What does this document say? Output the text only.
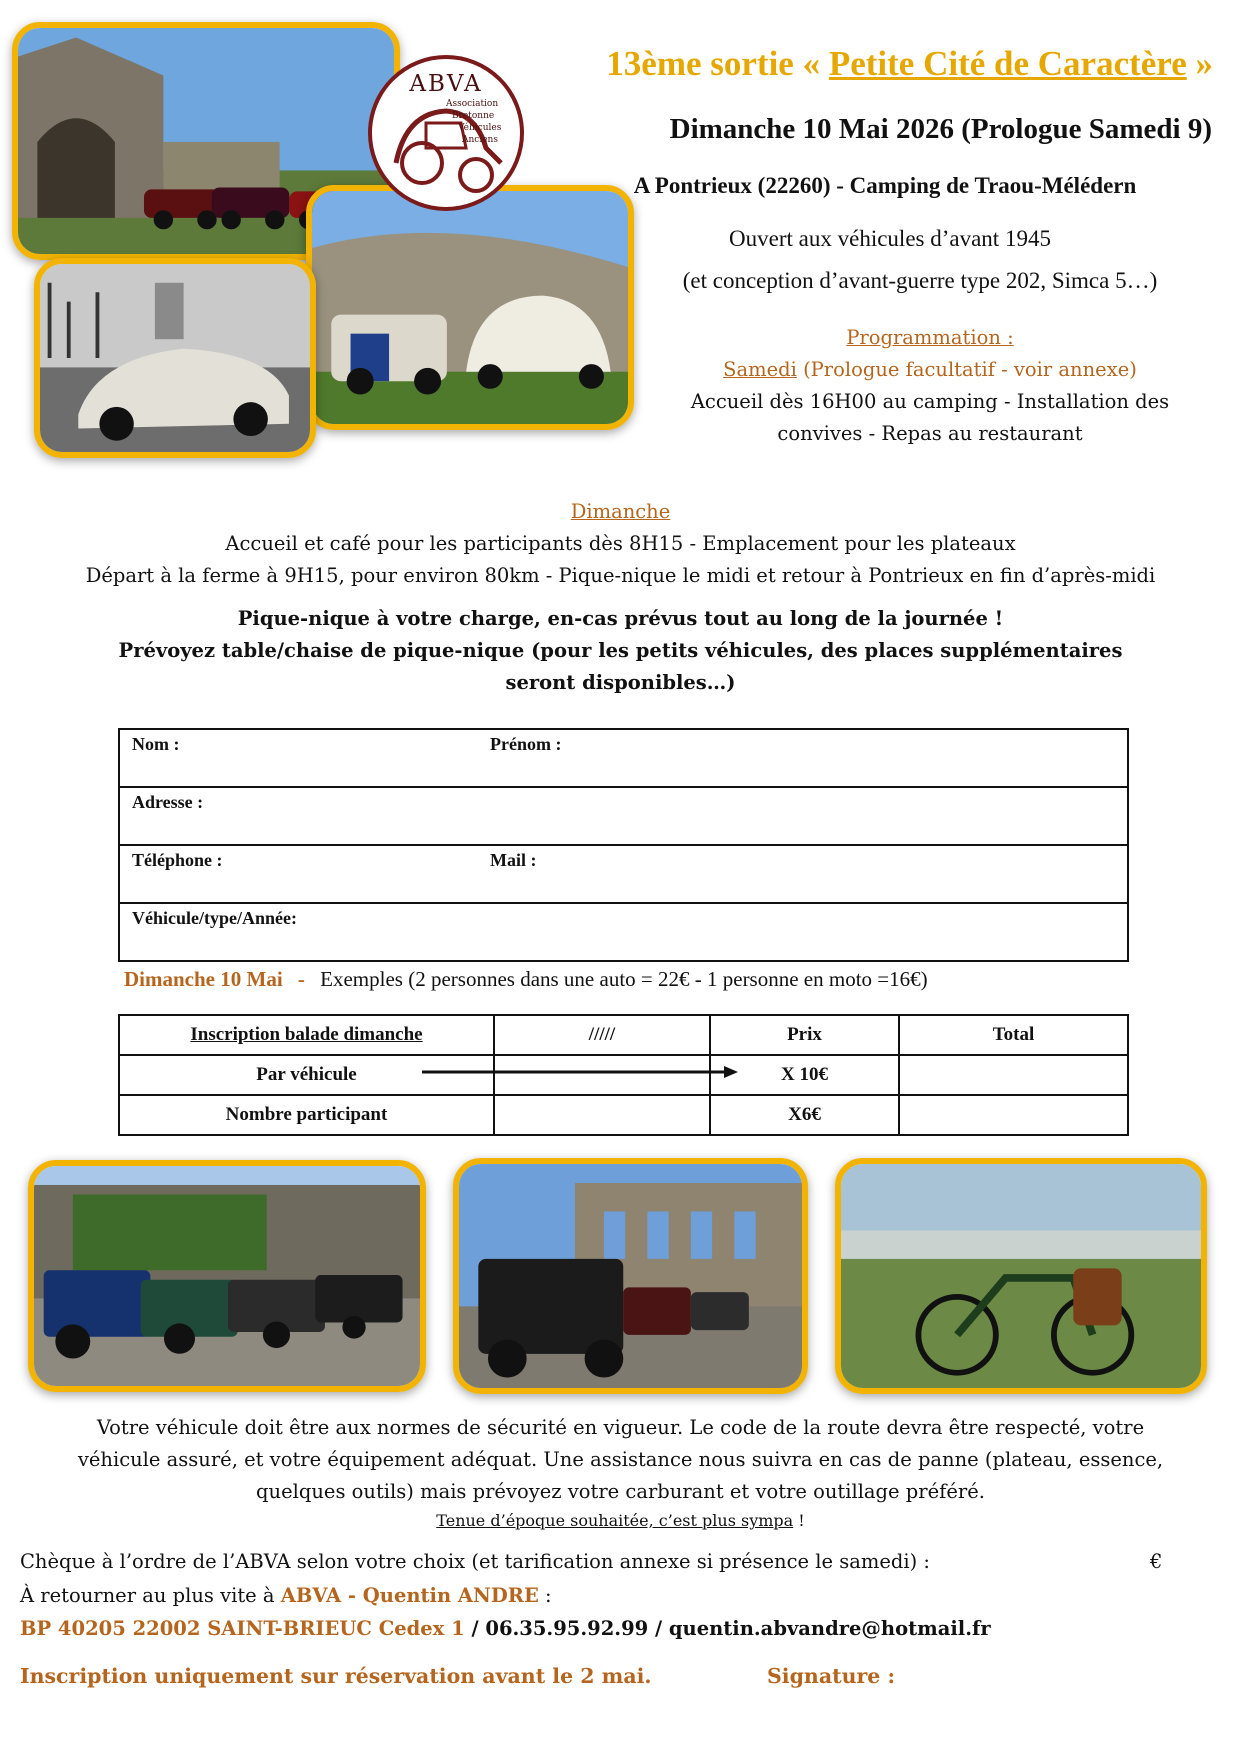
ABVA
Association
Bretonne
Véhicules
Anciens
13ème sortie « Petite Cité de Caractère »
Dimanche 10 Mai 2026 (Prologue Samedi 9)
A Pontrieux (22260) - Camping de Traou-Mélédern
Ouvert aux véhicules d’avant 1945
(et conception d’avant-guerre type 202, Simca 5…)
Programmation :
Samedi (Prologue facultatif - voir annexe)
Accueil dès 16H00 au camping - Installation des
convives - Repas au restaurant
Dimanche
Accueil et café pour les participants dès 8H15 - Emplacement pour les plateaux
Départ à la ferme à 9H15, pour environ 80km - Pique-nique le midi et retour à Pontrieux en fin d’après-midi
Pique-nique à votre charge, en-cas prévus tout au long de la journée !
Prévoyez table/chaise de pique-nique (pour les petits véhicules, des places supplémentaires
seront disponibles…)
Nom :	Prénom :

Adresse :
Téléphone :	Mail :

Véhicule/type/Année:
Dimanche 10 Mai - Exemples (2 personnes dans une auto = 22€ - 1 personne en moto =16€)
Inscription balade dimanche	/////	Prix	Total
Par véhicule		X 10€	
Nombre participant		X6€	
Votre véhicule doit être aux normes de sécurité en vigueur. Le code de la route devra être respecté, votre
véhicule assuré, et votre équipement adéquat. Une assistance nous suivra en cas de panne (plateau, essence,
quelques outils) mais prévoyez votre carburant et votre outillage préféré.
Tenue d’époque souhaitée, c’est plus sympa !
Chèque à l’ordre de l’ABVA selon votre choix (et tarification annexe si présence le samedi) :	€
À retourner au plus vite à ABVA - Quentin ANDRE :
BP 40205 22002 SAINT-BRIEUC Cedex 1 / 06.35.95.92.99 / quentin.abvandre@hotmail.fr
Inscription uniquement sur réservation avant le 2 mai.	Signature :
